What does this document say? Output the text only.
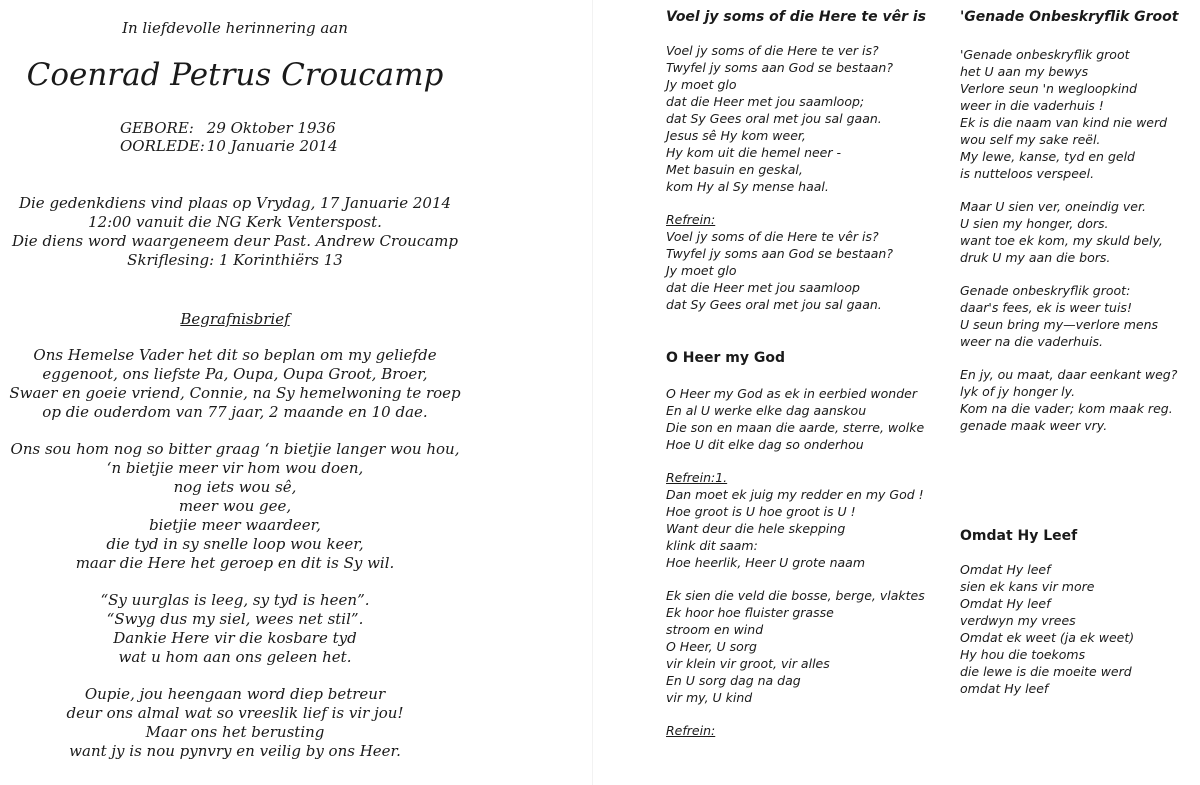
In liefdevolle herinnering aan
Coenrad Petrus Croucamp
GEBORE: 29 Oktober 1936
OORLEDE: 10 Januarie 2014
Die gedenkdiens vind plaas op Vrydag, 17 Januarie 2014
12:00 vanuit die NG Kerk Venterspost.
Die diens word waargeneem deur Past. Andrew Croucamp
Skriflesing: 1 Korinthiërs 13
Begrafnisbrief
Ons Hemelse Vader het dit so beplan om my geliefde
eggenoot, ons liefste Pa, Oupa, Oupa Groot, Broer,
Swaer en goeie vriend, Connie, na Sy hemelwoning te roep
op die ouderdom van 77 jaar, 2 maande en 10 dae.
Ons sou hom nog so bitter graag ‘n bietjie langer wou hou,
‘n bietjie meer vir hom wou doen,
nog iets wou sê,
meer wou gee,
bietjie meer waardeer,
die tyd in sy snelle loop wou keer,
maar die Here het geroep en dit is Sy wil.
“Sy uurglas is leeg, sy tyd is heen”.
“Swyg dus my siel, wees net stil”.
Dankie Here vir die kosbare tyd
wat u hom aan ons geleen het.
Oupie, jou heengaan word diep betreur
deur ons almal wat so vreeslik lief is vir jou!
Maar ons het berusting
want jy is nou pynvry en veilig by ons Heer.
Voel jy soms of die Here te vêr is
Voel jy soms of die Here te ver is?
Twyfel jy soms aan God se bestaan?
Jy moet glo
dat die Heer met jou saamloop;
dat Sy Gees oral met jou sal gaan.
Jesus sê Hy kom weer,
Hy kom uit die hemel neer -
Met basuin en geskal,
kom Hy al Sy mense haal.
Refrein:
Voel jy soms of die Here te vêr is?
Twyfel jy soms aan God se bestaan?
Jy moet glo
dat die Heer met jou saamloop
dat Sy Gees oral met jou sal gaan.
O Heer my God
O Heer my God as ek in eerbied wonder
En al U werke elke dag aanskou
Die son en maan die aarde, sterre, wolke
Hoe U dit elke dag so onderhou
Refrein:1.
Dan moet ek juig my redder en my God !
Hoe groot is U hoe groot is U !
Want deur die hele skepping
klink dit saam:
Hoe heerlik, Heer U grote naam
Ek sien die veld die bosse, berge, vlaktes
Ek hoor hoe fluister grasse
stroom en wind
O Heer, U sorg
vir klein vir groot, vir alles
En U sorg dag na dag
vir my, U kind
Refrein:
'Genade Onbeskryflik Groot
'Genade onbeskryflik groot
het U aan my bewys
Verlore seun 'n wegloopkind
weer in die vaderhuis !
Ek is die naam van kind nie werd
wou self my sake reël.
My lewe, kanse, tyd en geld
is nutteloos verspeel.
Maar U sien ver, oneindig ver.
U sien my honger, dors.
want toe ek kom, my skuld bely,
druk U my aan die bors.
Genade onbeskryflik groot:
daar's fees, ek is weer tuis!
U seun bring my—verlore mens
weer na die vaderhuis.
En jy, ou maat, daar eenkant weg?
lyk of jy honger ly.
Kom na die vader; kom maak reg.
genade maak weer vry.
Omdat Hy Leef
Omdat Hy leef
sien ek kans vir more
Omdat Hy leef
verdwyn my vrees
Omdat ek weet (ja ek weet)
Hy hou die toekoms
die lewe is die moeite werd
omdat Hy leef
